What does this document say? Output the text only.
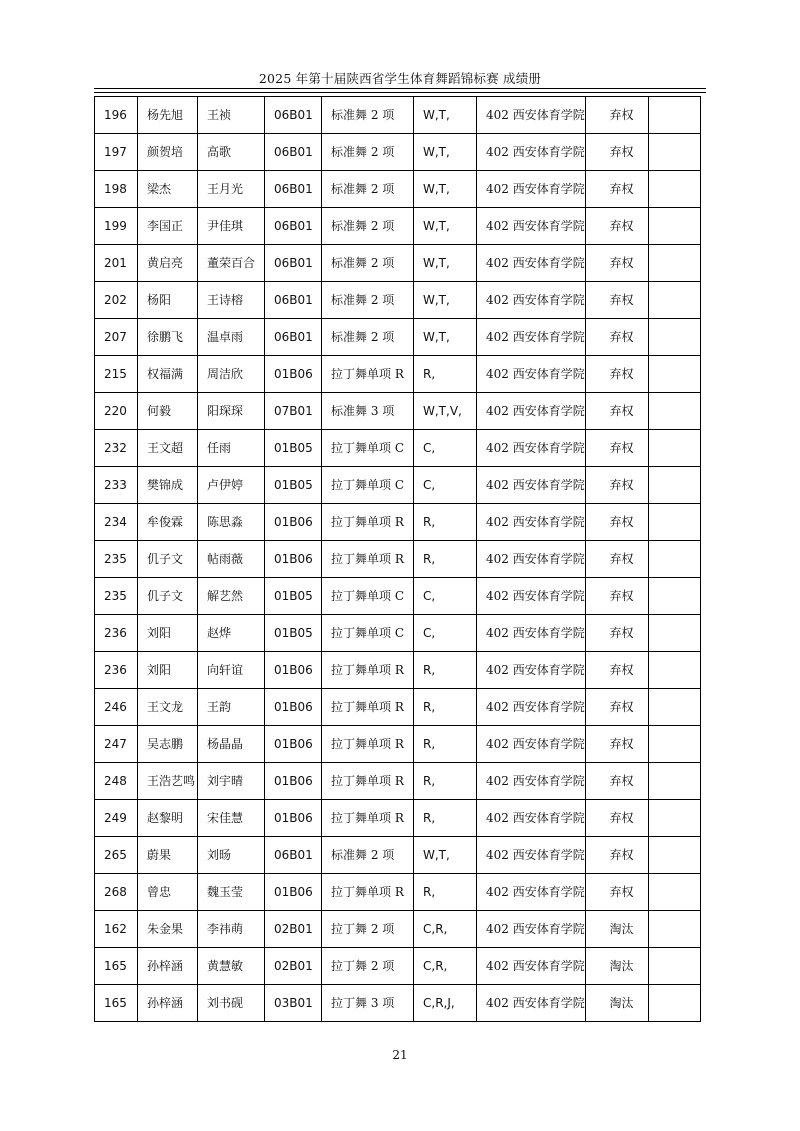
2025 年第十届陕西省学生体育舞蹈锦标赛 成绩册
196	杨先旭	王祯	06B01	标准舞 2 项	W,T,	402 西安体育学院	弃权	
197	颜贺培	高歌	06B01	标准舞 2 项	W,T,	402 西安体育学院	弃权	
198	梁杰	王月光	06B01	标准舞 2 项	W,T,	402 西安体育学院	弃权	
199	李国正	尹佳琪	06B01	标准舞 2 项	W,T,	402 西安体育学院	弃权	
201	黄启亮	董荣百合	06B01	标准舞 2 项	W,T,	402 西安体育学院	弃权	
202	杨阳	王诗榕	06B01	标准舞 2 项	W,T,	402 西安体育学院	弃权	
207	徐鹏飞	温卓雨	06B01	标准舞 2 项	W,T,	402 西安体育学院	弃权	
215	权福满	周洁欣	01B06	拉丁舞单项 R	R,	402 西安体育学院	弃权	
220	何毅	阳琛琛	07B01	标准舞 3 项	W,T,V,	402 西安体育学院	弃权	
232	王文超	任雨	01B05	拉丁舞单项 C	C,	402 西安体育学院	弃权	
233	樊锦成	卢伊婷	01B05	拉丁舞单项 C	C,	402 西安体育学院	弃权	
234	牟俊霖	陈思淼	01B06	拉丁舞单项 R	R,	402 西安体育学院	弃权	
235	仉子文	帖雨薇	01B06	拉丁舞单项 R	R,	402 西安体育学院	弃权	
235	仉子文	解艺然	01B05	拉丁舞单项 C	C,	402 西安体育学院	弃权	
236	刘阳	赵烨	01B05	拉丁舞单项 C	C,	402 西安体育学院	弃权	
236	刘阳	向轩谊	01B06	拉丁舞单项 R	R,	402 西安体育学院	弃权	
246	王文龙	王韵	01B06	拉丁舞单项 R	R,	402 西安体育学院	弃权	
247	吴志鹏	杨晶晶	01B06	拉丁舞单项 R	R,	402 西安体育学院	弃权	
248	王浩艺鸣	刘宇晴	01B06	拉丁舞单项 R	R,	402 西安体育学院	弃权	
249	赵黎明	宋佳慧	01B06	拉丁舞单项 R	R,	402 西安体育学院	弃权	
265	蔚果	刘旸	06B01	标准舞 2 项	W,T,	402 西安体育学院	弃权	
268	曾忠	魏玉莹	01B06	拉丁舞单项 R	R,	402 西安体育学院	弃权	
162	朱金果	李祎萌	02B01	拉丁舞 2 项	C,R,	402 西安体育学院	淘汰	
165	孙梓涵	黄慧敏	02B01	拉丁舞 2 项	C,R,	402 西安体育学院	淘汰	
165	孙梓涵	刘书砚	03B01	拉丁舞 3 项	C,R,J,	402 西安体育学院	淘汰	
21
